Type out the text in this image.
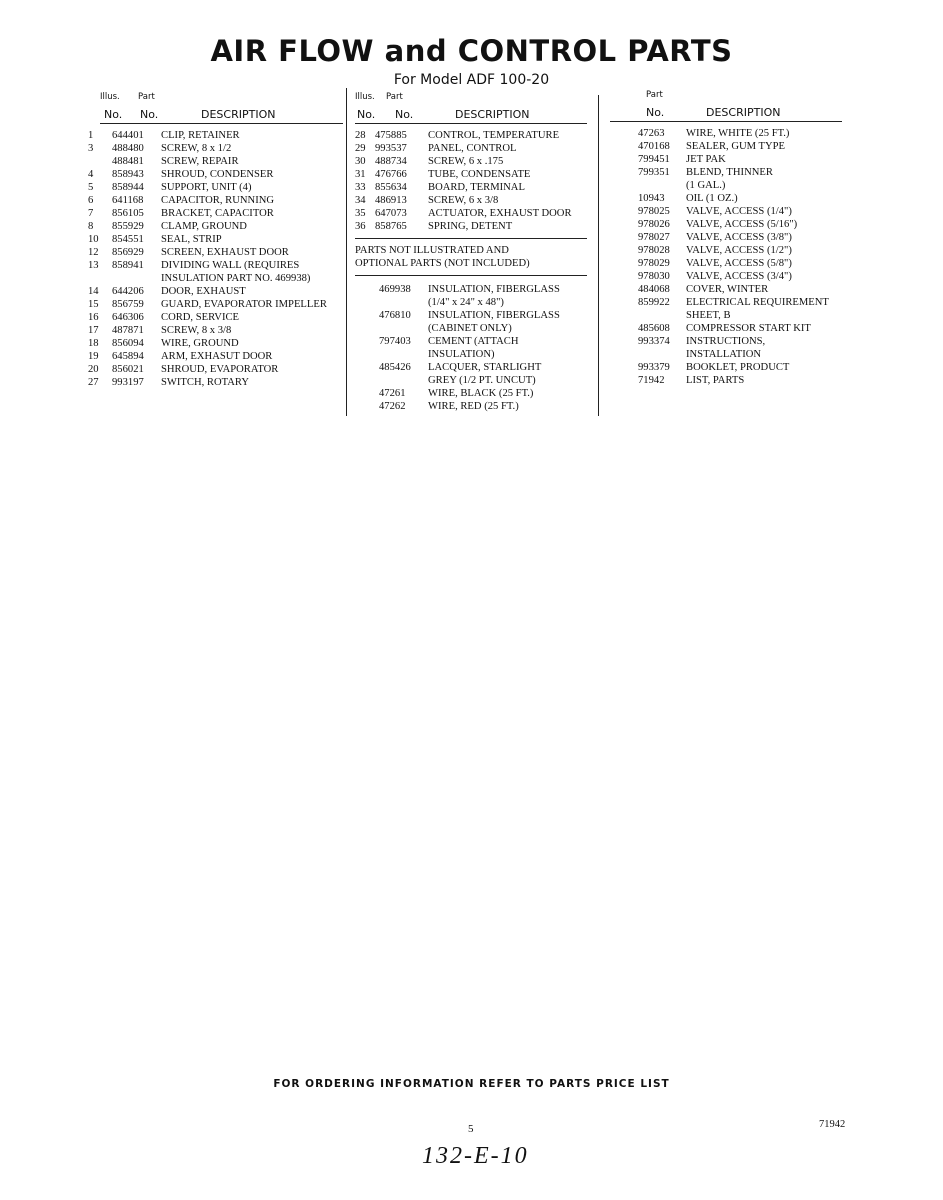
AIR FLOW and CONTROL PARTS
For Model ADF 100-20
Illus. Part
No. No.	DESCRIPTION
1 644401 CLIP, RETAINER
3 488480 SCREW, 8 x 1/2
488481 SCREW, REPAIR
4 858943 SHROUD, CONDENSER
5 858944 SUPPORT, UNIT (4)
6 641168 CAPACITOR, RUNNING
7 856105 BRACKET, CAPACITOR
8 855929 CLAMP, GROUND
10 854551 SEAL, STRIP
12 856929 SCREEN, EXHAUST DOOR
13 858941 DIVIDING WALL (REQUIRES
INSULATION PART NO. 469938)
14 644206 DOOR, EXHAUST
15 856759 GUARD, EVAPORATOR IMPELLER
16 646306 CORD, SERVICE
17 487871 SCREW, 8 x 3/8
18 856094 WIRE, GROUND
19 645894 ARM, EXHASUT DOOR
20 856021 SHROUD, EVAPORATOR
27 993197 SWITCH, ROTARY
Illus. Part
No. No.	DESCRIPTION
28 475885 CONTROL, TEMPERATURE
29 993537 PANEL, CONTROL
30 488734 SCREW, 6 x .175
31 476766 TUBE, CONDENSATE
33 855634 BOARD, TERMINAL
34 486913 SCREW, 6 x 3/8
35 647073 ACTUATOR, EXHAUST DOOR
36 858765 SPRING, DETENT
PARTS NOT ILLUSTRATED AND
OPTIONAL PARTS (NOT INCLUDED)
469938 INSULATION, FIBERGLASS
(1/4" x 24" x 48")
476810 INSULATION, FIBERGLASS
(CABINET ONLY)
797403 CEMENT (ATTACH
INSULATION)
485426 LACQUER, STARLIGHT
GREY (1/2 PT. UNCUT)
47261 WIRE, BLACK (25 FT.)
47262 WIRE, RED (25 FT.)
Part
No.	DESCRIPTION
47263 WIRE, WHITE (25 FT.)
470168 SEALER, GUM TYPE
799451 JET PAK
799351 BLEND, THINNER
(1 GAL.)
10943 OIL (1 OZ.)
978025 VALVE, ACCESS (1/4")
978026 VALVE, ACCESS (5/16")
978027 VALVE, ACCESS (3/8")
978028 VALVE, ACCESS (1/2")
978029 VALVE, ACCESS (5/8")
978030 VALVE, ACCESS (3/4")
484068 COVER, WINTER
859922 ELECTRICAL REQUIREMENT
SHEET, B
485608 COMPRESSOR START KIT
993374 INSTRUCTIONS,
INSTALLATION
993379 BOOKLET, PRODUCT
71942 LIST, PARTS
FOR ORDERING INFORMATION REFER TO PARTS PRICE LIST
5	71942
132-E-10
